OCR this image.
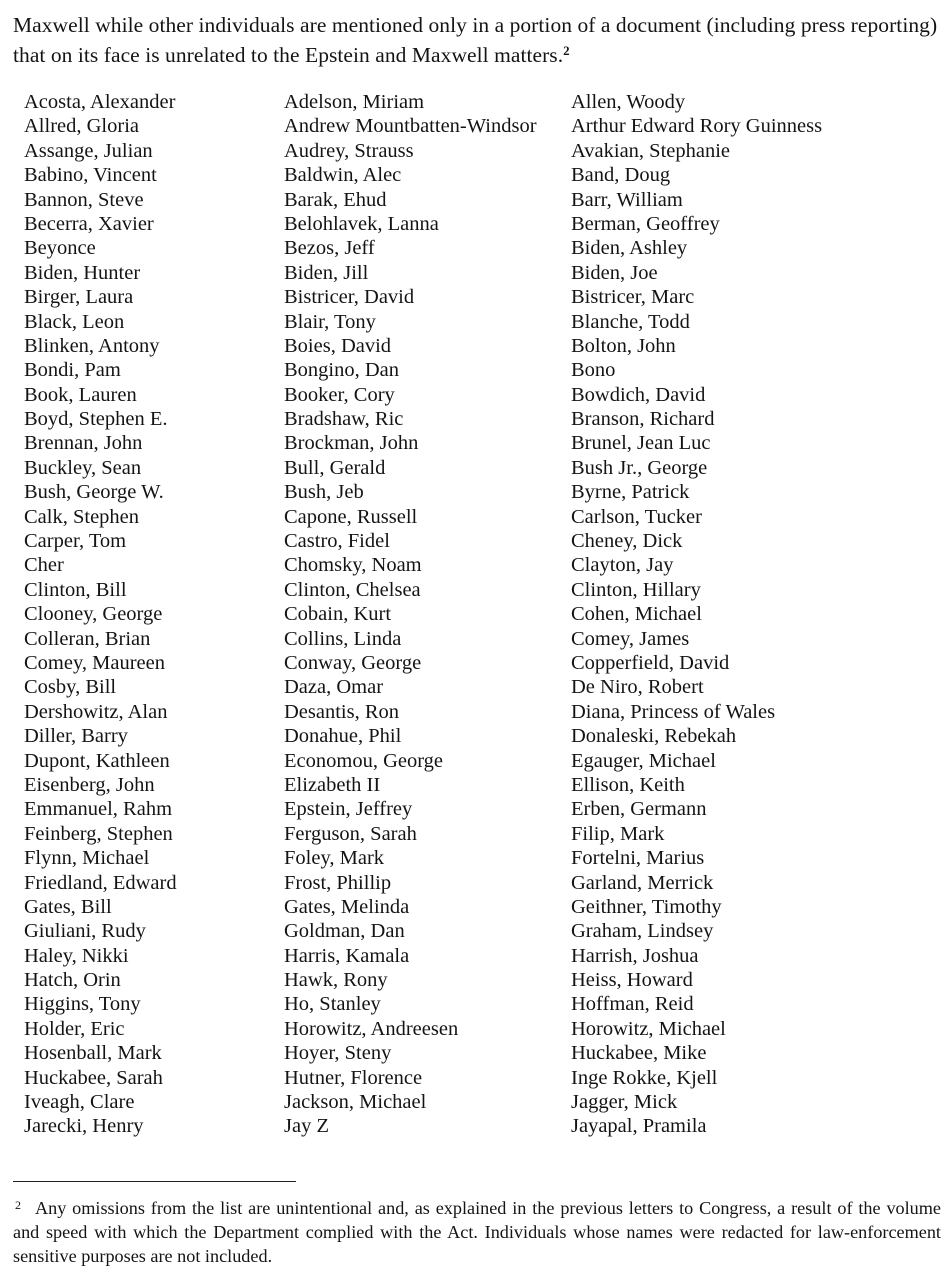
Maxwell while other individuals are mentioned only in a portion of a document (including press reporting) that on its face is unrelated to the Epstein and Maxwell matters.$^2$

Acosta, Alexander
Allred, Gloria
Assange, Julian
Babino, Vincent
Bannon, Steve
Becerra, Xavier
Beyonce
Biden, Hunter
Birger, Laura
Black, Leon
Blinken, Antony
Bondi, Pam
Book, Lauren
Boyd, Stephen E.
Brennan, John
Buckley, Sean
Bush, George W.
Calk, Stephen
Carper, Tom
Cher
Clinton, Bill
Clooney, George
Colleran, Brian
Comey, Maureen
Cosby, Bill
Dershowitz, Alan
Diller, Barry
Dupont, Kathleen
Eisenberg, John
Emmanuel, Rahm
Feinberg, Stephen
Flynn, Michael
Friedland, Edward
Gates, Bill
Giuliani, Rudy
Haley, Nikki
Hatch, Orin
Higgins, Tony
Holder, Eric
Hosenball, Mark
Huckabee, Sarah
Iveagh, Clare
Jarecki, Henry
Adelson, Miriam
Andrew Mountbatten-Windsor
Audrey, Strauss
Baldwin, Alec
Barak, Ehud
Belohlavek, Lanna
Bezos, Jeff
Biden, Jill
Bistricer, David
Blair, Tony
Boies, David
Bongino, Dan
Booker, Cory
Bradshaw, Ric
Brockman, John
Bull, Gerald
Bush, Jeb
Capone, Russell
Castro, Fidel
Chomsky, Noam
Clinton, Chelsea
Cobain, Kurt
Collins, Linda
Conway, George
Daza, Omar
Desantis, Ron
Donahue, Phil
Economou, George
Elizabeth II
Epstein, Jeffrey
Ferguson, Sarah
Foley, Mark
Frost, Phillip
Gates, Melinda
Goldman, Dan
Harris, Kamala
Hawk, Rony
Ho, Stanley
Horowitz, Andreesen
Hoyer, Steny
Hutner, Florence
Jackson, Michael
Jay Z
Allen, Woody
Arthur Edward Rory Guinness
Avakian, Stephanie
Band, Doug
Barr, William
Berman, Geoffrey
Biden, Ashley
Biden, Joe
Bistricer, Marc
Blanche, Todd
Bolton, John
Bono
Bowdich, David
Branson, Richard
Brunel, Jean Luc
Bush Jr., George
Byrne, Patrick
Carlson, Tucker
Cheney, Dick
Clayton, Jay
Clinton, Hillary
Cohen, Michael
Comey, James
Copperfield, David
De Niro, Robert
Diana, Princess of Wales
Donaleski, Rebekah
Egauger, Michael
Ellison, Keith
Erben, Germann
Filip, Mark
Fortelni, Marius
Garland, Merrick
Geithner, Timothy
Graham, Lindsey
Harrish, Joshua
Heiss, Howard
Hoffman, Reid
Horowitz, Michael
Huckabee, Mike
Inge Rokke, Kjell
Jagger, Mick
Jayapal, Pramila

$^2$ Any omissions from the list are unintentional and, as explained in the previous letters to Congress, a result of the volume and speed with which the Department complied with the Act. Individuals whose names were redacted for law-enforcement sensitive purposes are not included.
